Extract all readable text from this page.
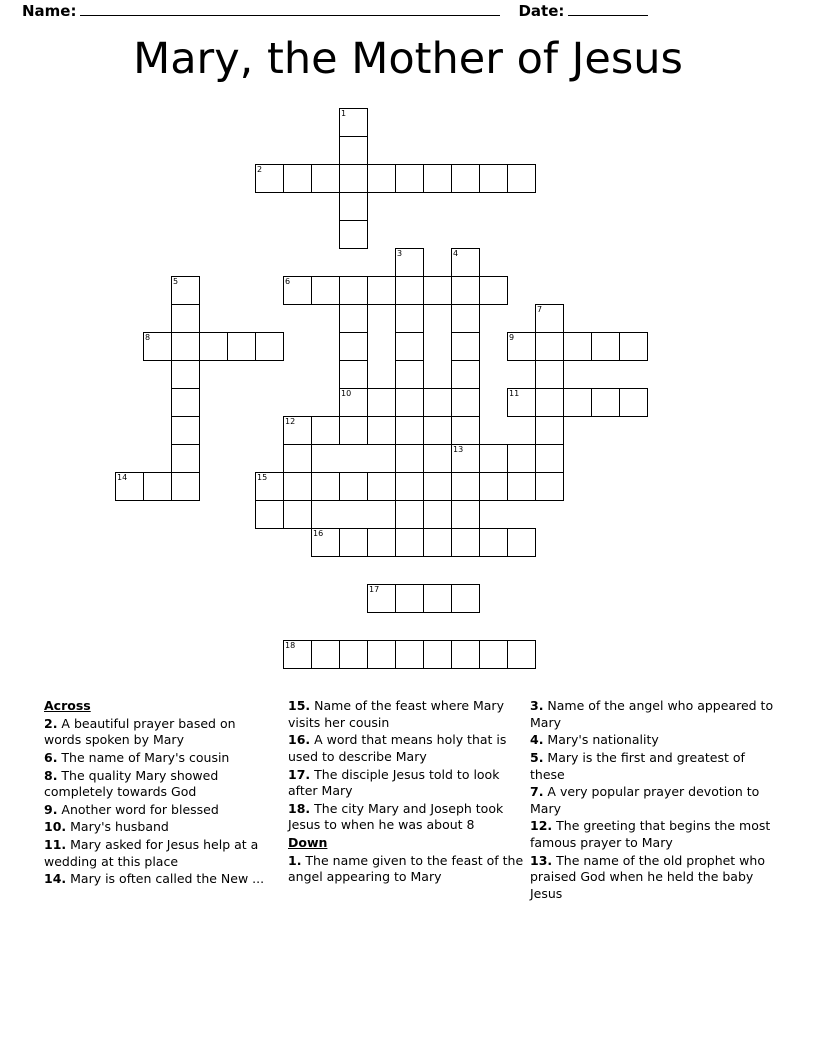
Name:	Date:
Mary, the Mother of Jesus
1
2
3	4
6
5
7
8	9
10	11
12
13
14	15
16
17
18
Across
2. A beautiful prayer based on words spoken by Mary
6. The name of Mary's cousin
8. The quality Mary showed completely towards God
9. Another word for blessed
10. Mary's husband
11. Mary asked for Jesus help at a wedding at this place
14. Mary is often called the New ...
15. Name of the feast where Mary visits her cousin
16. A word that means holy that is used to describe Mary
17. The disciple Jesus told to look after Mary
18. The city Mary and Joseph took Jesus to when he was about 8
Down
1. The name given to the feast of the angel appearing to Mary
3. Name of the angel who appeared to Mary
4. Mary's nationality
5. Mary is the first and greatest of these
7. A very popular prayer devotion to Mary
12. The greeting that begins the most famous prayer to Mary
13. The name of the old prophet who praised God when he held the baby Jesus
